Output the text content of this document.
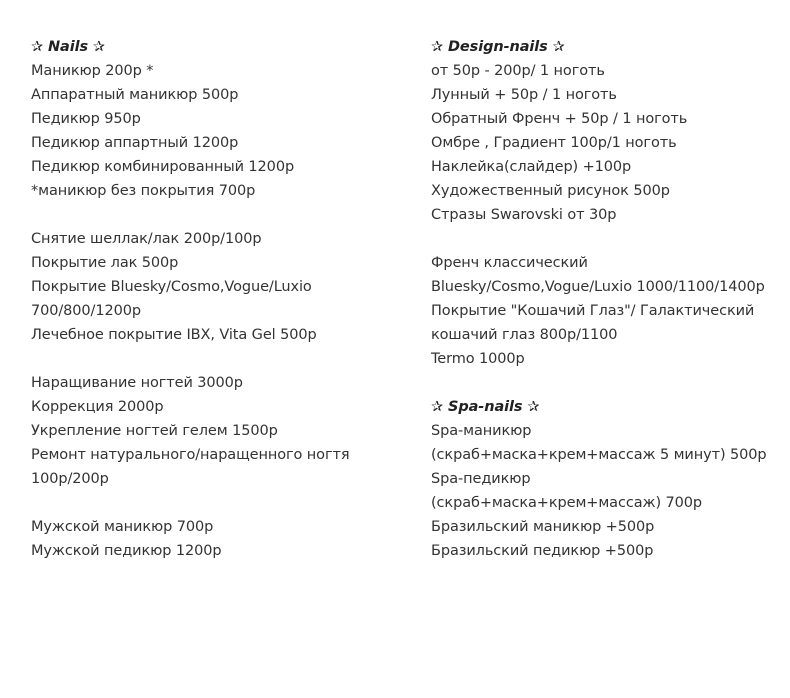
✰ Nails ✰
Маникюр 200р *
Аппаратный маникюр 500р
Педикюр 950р
Педикюр аппартный 1200р
Педикюр комбинированный 1200р
*маникюр без покрытия 700р
Снятие шеллак/лак 200р/100р
Покрытие лак 500р
Покрытие Bluesky/Cosmo,Vogue/Luxio
700/800/1200р
Лечебное покрытие IBX, Vita Gel 500р
Наращивание ногтей 3000р
Коррекция 2000р
Укрепление ногтей гелем 1500р
Ремонт натурального/наращенного ногтя
100р/200р
Мужской маникюр 700р
Мужской педикюр 1200р
✰ Design-nails ✰
от 50р - 200р/ 1 ноготь
Лунный + 50р / 1 ноготь
Обратный Френч + 50р / 1 ноготь
Омбре , Градиент 100р/1 ноготь
Наклейка(слайдер) +100р
Художественный рисунок 500р
Стразы Swarovski от 30р
Френч классический
Bluesky/Cosmo,Vogue/Luxio 1000/1100/1400р
Покрытие "Кошачий Глаз"/ Галактический
кошачий глаз 800р/1100
Termo 1000р
✰ Spa-nails ✰
Spa-маникюр
(скраб+маска+крем+массаж 5 минут) 500р
Spa-педикюр
(скраб+маска+крем+массаж) 700р
Бразильский маникюр +500р
Бразильский педикюр +500р
